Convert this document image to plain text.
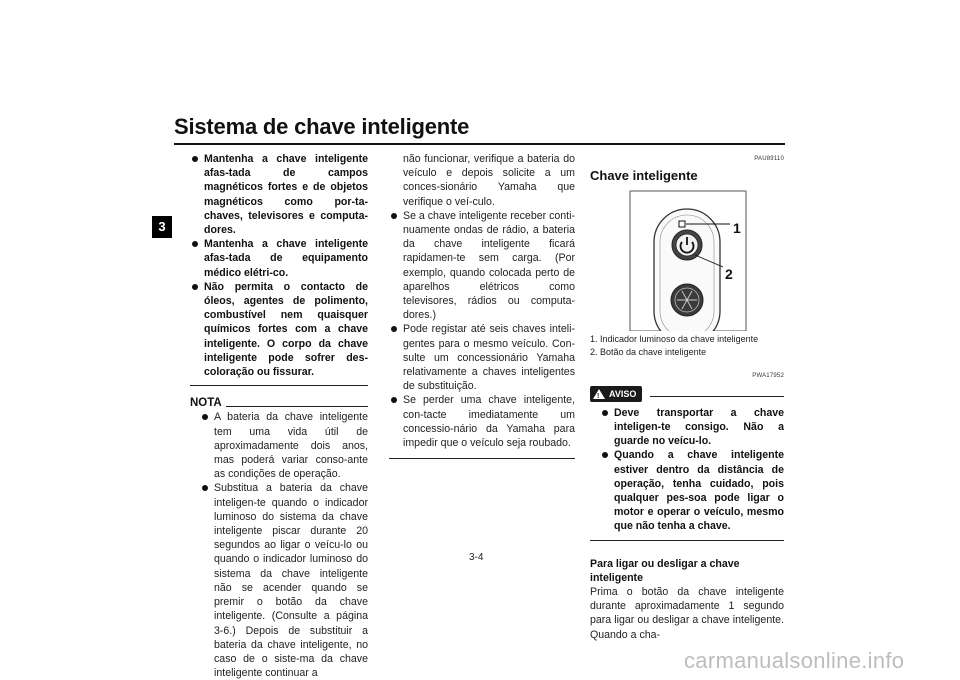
Sistema de chave inteligente
3
Mantenha a chave inteligente afas-tada de campos magnéticos fortes e de objetos magnéticos como por-ta-chaves, televisores e computa-dores.
Mantenha a chave inteligente afas-tada de equipamento médico elétri-co.
Não permita o contacto de óleos, agentes de polimento, combustível nem quaisquer químicos fortes com a chave inteligente. O corpo da chave inteligente pode sofrer des-coloração ou fissurar.
NOTA
A bateria da chave inteligente tem uma vida útil de aproximadamente dois anos, mas poderá variar conso-ante as condições de operação.
Substitua a bateria da chave inteligen-te quando o indicador luminoso do sistema da chave inteligente piscar durante 20 segundos ao ligar o veícu-lo ou quando o indicador luminoso do sistema da chave inteligente não se acender quando se premir o botão da chave inteligente. (Consulte a página 3-6.) Depois de substituir a bateria da chave inteligente, no caso de o siste-ma da chave inteligente continuar a
não funcionar, verifique a bateria do veículo e depois solicite a um conces-sionário Yamaha que verifique o veí-culo.
Se a chave inteligente receber conti-nuamente ondas de rádio, a bateria da chave inteligente ficará rapidamen-te sem carga. (Por exemplo, quando colocada perto de aparelhos elétricos como televisores, rádios ou computa-dores.)
Pode registar até seis chaves inteli-gentes para o mesmo veículo. Con-sulte um concessionário Yamaha relativamente a chaves inteligentes de substituição.
Se perder uma chave inteligente, con-tacte imediatamente um concessio-nário da Yamaha para impedir que o veículo seja roubado.
PAU89110
Chave inteligente
1
2
1. Indicador luminoso da chave inteligente
2. Botão da chave inteligente
PWA17952
! AVISO
Deve transportar a chave inteligen-te consigo. Não a guarde no veícu-lo.
Quando a chave inteligente estiver dentro da distância de operação, tenha cuidado, pois qualquer pes-soa pode ligar o motor e operar o veículo, mesmo que não tenha a chave.
Para ligar ou desligar a chave inteligente
Prima o botão da chave inteligente durante aproximadamente 1 segundo para ligar ou desligar a chave inteligente. Quando a cha-
3-4
carmanualsonline.info
